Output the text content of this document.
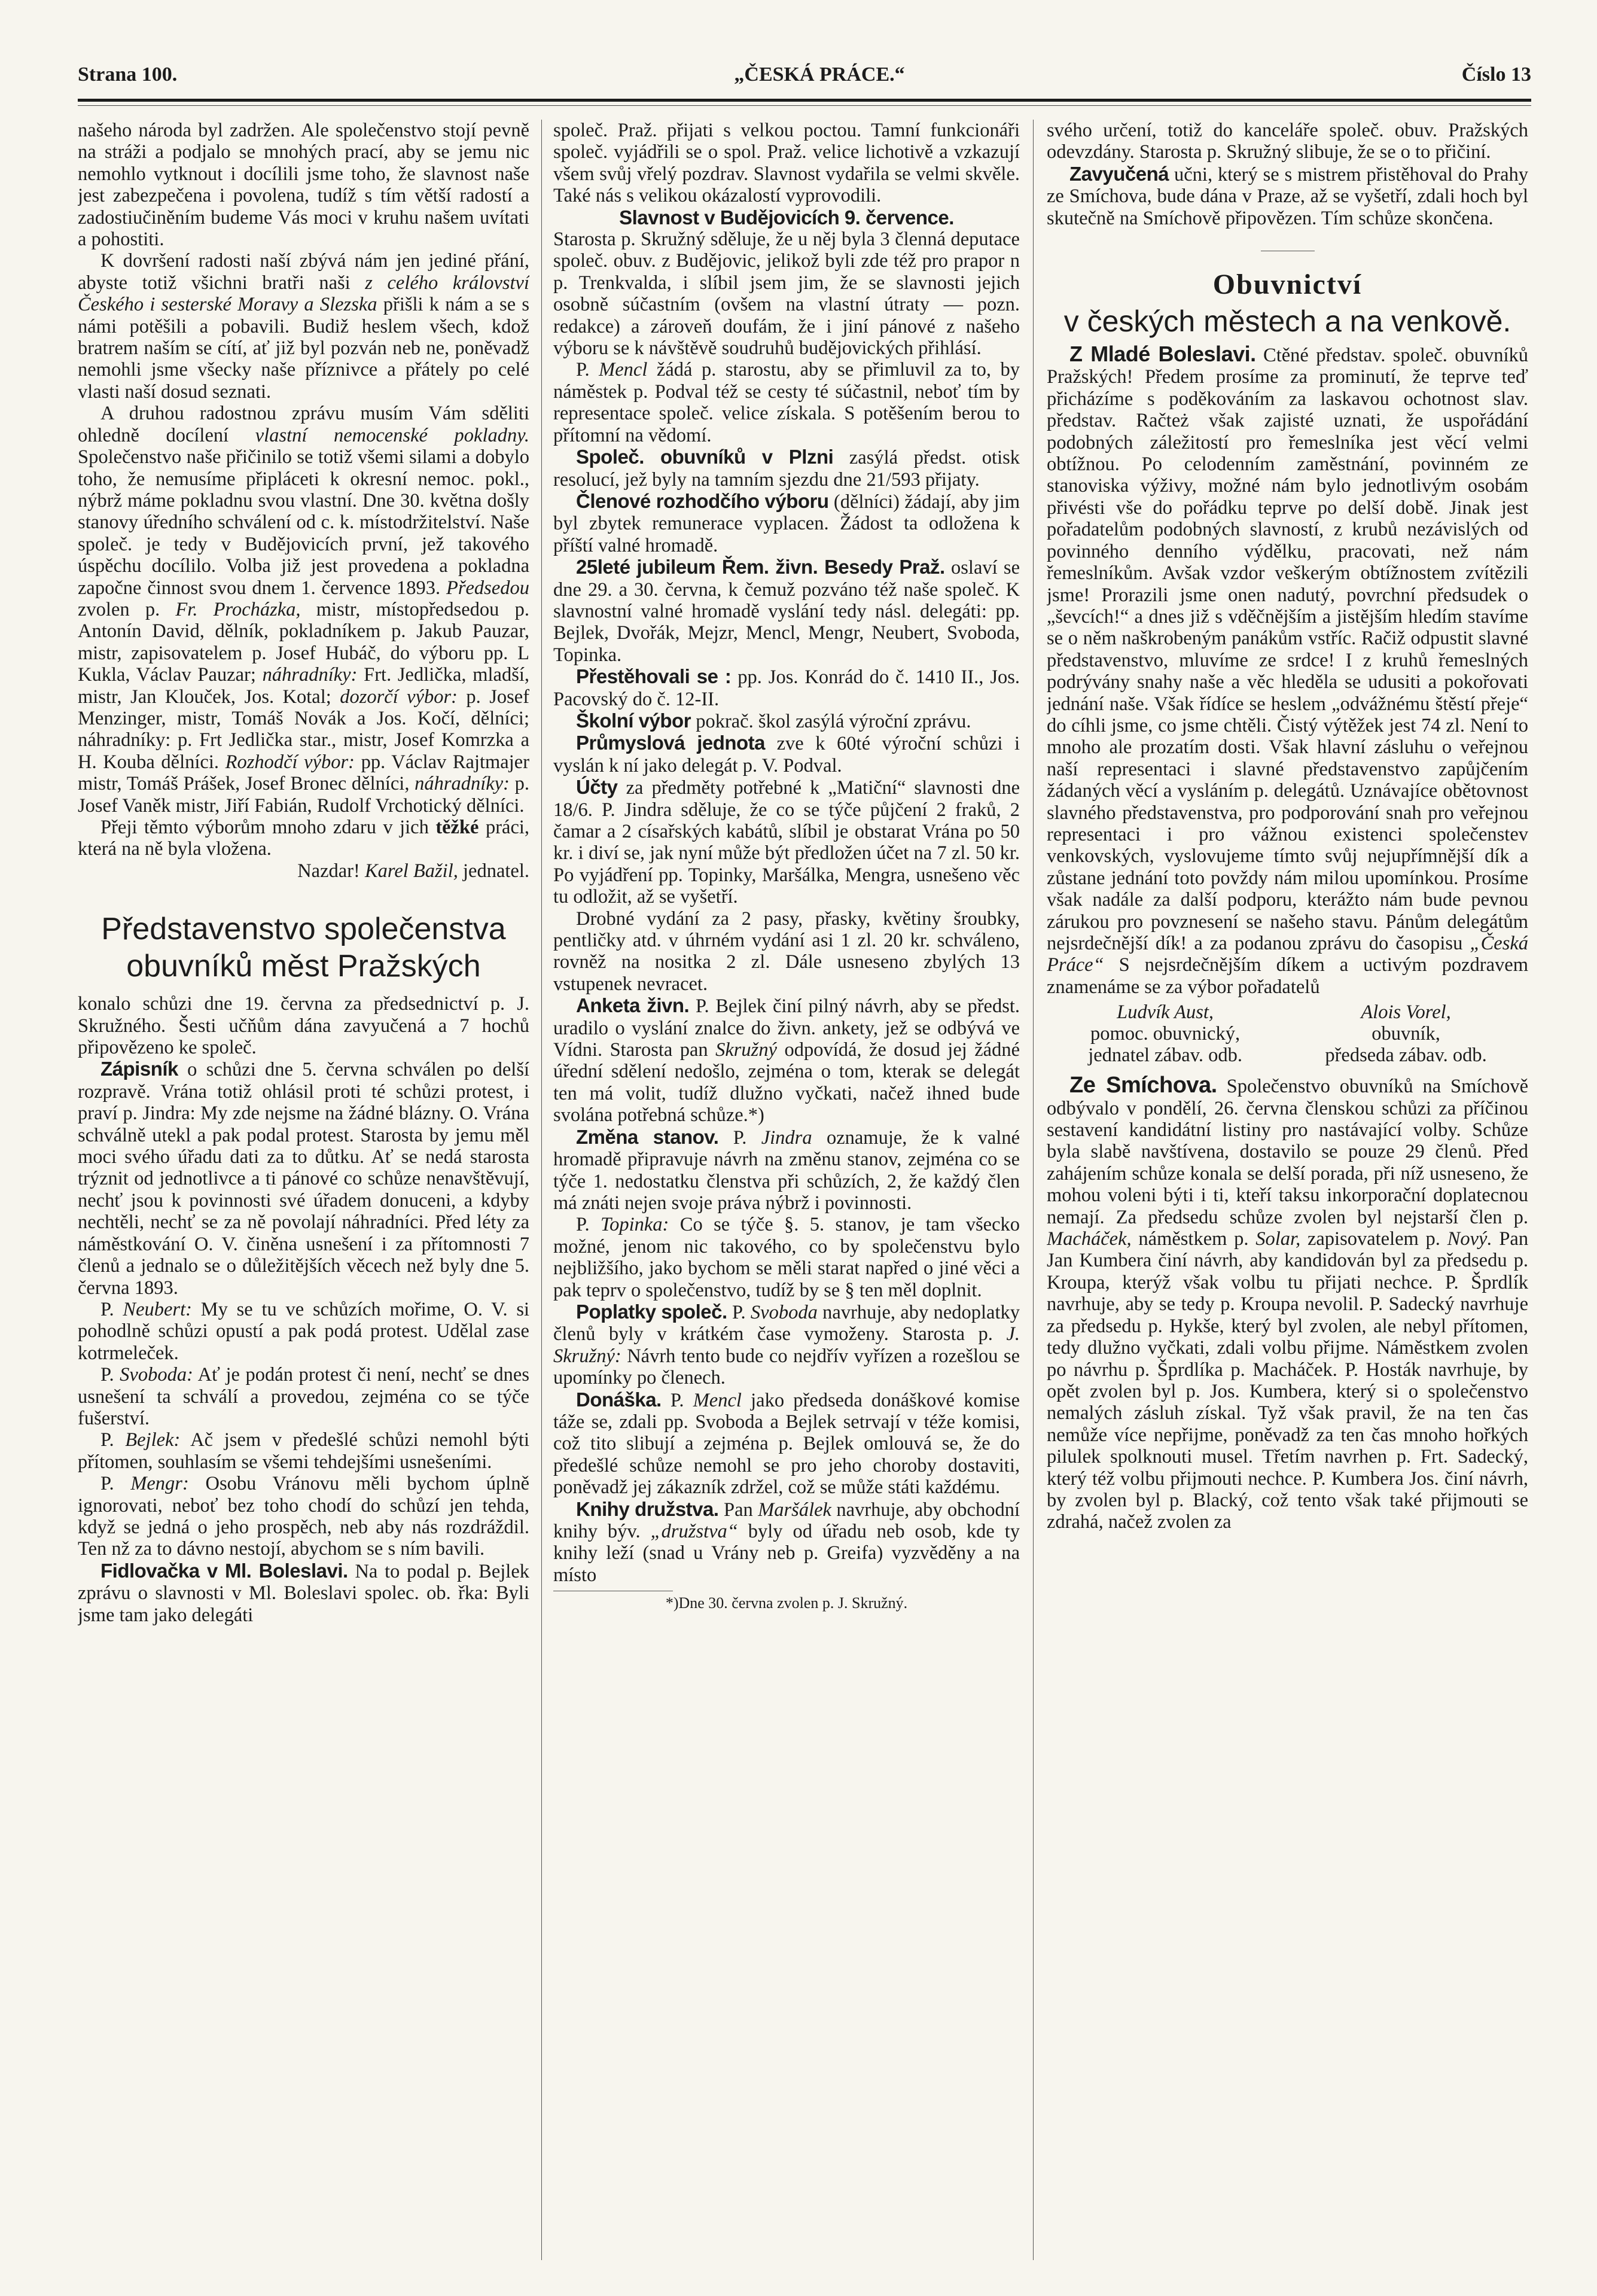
Strana 100.	„ČESKÁ PRÁCE.“	Číslo 13

našeho národa byl zadržen. Ale společenstvo stojí pevně na stráži a podjalo se mnohých prací, aby se jemu nic nemohlo vytknout i docílili jsme toho, že slavnost naše jest zabezpečena i povolena, tudíž s tím větší radostí a zadostiučiněním budeme Vás moci v kruhu našem uvítati a pohostiti.

K dovršení radosti naší zbývá nám jen jediné přání, abyste totiž všichni bratři naši z celého království Českého i sesterské Moravy a Slezska přišli k nám a se s námi potěšili a pobavili. Budiž heslem všech, kdož bratrem naším se cítí, ať již byl pozván neb ne, poněvadž nemohli jsme všecky naše příznivce a přátely po celé vlasti naší dosud seznati.

A druhou radostnou zprávu musím Vám sděliti ohledně docílení vlastní nemocenské pokladny. Společenstvo naše přičinilo se totiž všemi silami a dobylo toho, že nemusíme připláceti k okresní nemoc. pokl., nýbrž máme pokladnu svou vlastní. Dne 30. května došly stanovy úředního schválení od c. k. místodržitelství. Naše společ. je tedy v Budějovicích první, jež takového úspěchu docílilo. Volba již jest provedena a pokladna započne činnost svou dnem 1. července 1893. Předsedou zvolen p. Fr. Procházka, mistr, místopředsedou p. Antonín David, dělník, pokladníkem p. Jakub Pauzar, mistr, zapisovatelem p. Josef Hubáč, do výboru pp. L Kukla, Václav Pauzar; náhradníky: Frt. Jedlička, mladší, mistr, Jan Klouček, Jos. Kotal; dozorčí výbor: p. Josef Menzinger, mistr, Tomáš Novák a Jos. Kočí, dělníci; náhradníky: p. Frt Jedlička star., mistr, Josef Komrzka a H. Kouba dělníci. Rozhodčí výbor: pp. Václav Rajtmajer mistr, Tomáš Prášek, Josef Bronec dělníci, náhradníky: p. Josef Vaněk mistr, Jiří Fabián, Rudolf Vrchotický dělníci.

Přeji těmto výborům mnoho zdaru v jich těžké práci, která na ně byla vložena.

Nazdar! Karel Bažil, jednatel.

Představenstvo společenstva obuvníků měst Pražských

konalo schůzi dne 19. června za předsednictví p. J. Skružného. Šesti učňům dána zavyučená a 7 hochů připovězeno ke společ.

Zápisník o schůzi dne 5. června schválen po delší rozpravě. Vrána totiž ohlásil proti té schůzi protest, i praví p. Jindra: My zde nejsme na žádné blázny. O. Vrána schválně utekl a pak podal protest. Starosta by jemu měl moci svého úřadu dati za to důtku. Ať se nedá starosta trýznit od jednotlivce a ti pánové co schůze nenavštěvují, nechť jsou k povinnosti své úřadem donuceni, a kdyby nechtěli, nechť se za ně povolají náhradníci. Před léty za náměstkování O. V. činěna usnešení i za přítomnosti 7 členů a jednalo se o důležitějších věcech než byly dne 5. června 1893.

P. Neubert: My se tu ve schůzích mořime, O. V. si pohodlně schůzi opustí a pak podá protest. Udělal zase kotrmeleček.

P. Svoboda: Ať je podán protest či není, nechť se dnes usnešení ta schválí a provedou, zejména co se týče fušerství.

P. Bejlek: Ač jsem v předešlé schůzi nemohl býti přítomen, souhlasím se všemi tehdejšími usnešeními.

P. Mengr: Osobu Vránovu měli bychom úplně ignorovati, neboť bez toho chodí do schůzí jen tehda, když se jedná o jeho prospěch, neb aby nás rozdráždil. Ten nž za to dávno nestojí, abychom se s ním bavili.

Fidlovačka v Ml. Boleslavi. Na to podal p. Bejlek zprávu o slavnosti v Ml. Boleslavi spolec. ob. řka: Byli jsme tam jako delegáti

společ. Praž. přijati s velkou poctou. Tamní funkcionáři společ. vyjádřili se o spol. Praž. velice lichotivě a vzkazují všem svůj vřelý pozdrav. Slavnost vydařila se velmi skvěle. Také nás s velikou okázalostí vyprovodili.

Slavnost v Budějovicích 9. července.

Starosta p. Skružný sděluje, že u něj byla 3 členná deputace společ. obuv. z Budějovic, jelikož byli zde též pro prapor n p. Trenkvalda, i slíbil jsem jim, že se slavnosti jejich osobně súčastním (ovšem na vlastní útraty — pozn. redakce) a zároveň doufám, že i jiní pánové z našeho výboru se k návštěvě soudruhů budějovických přihlásí.

P. Mencl žádá p. starostu, aby se přimluvil za to, by náměstek p. Podval též se cesty té súčastnil, neboť tím by representace společ. velice získala. S potěšením berou to přítomní na vědomí.

Společ. obuvníků v Plzni zasýlá předst. otisk resolucí, jež byly na tamním sjezdu dne 21/593 přijaty.

Členové rozhodčího výboru (dělníci) žádají, aby jim byl zbytek remunerace vyplacen. Žádost ta odložena k příští valné hromadě.

25leté jubileum Řem. živn. Besedy Praž. oslaví se dne 29. a 30. června, k čemuž pozváno též naše společ. K slavnostní valné hromadě vyslání tedy násl. delegáti: pp. Bejlek, Dvořák, Mejzr, Mencl, Mengr, Neubert, Svoboda, Topinka.

Přestěhovali se : pp. Jos. Konrád do č. 1410 II., Jos. Pacovský do č. 12-II.

Školní výbor pokrač. škol zasýlá výroční zprávu.

Průmyslová jednota zve k 60té výroční schůzi i vyslán k ní jako delegát p. V. Podval.

Účty za předměty potřebné k „Matiční“ slavnosti dne 18/6. P. Jindra sděluje, že co se týče půjčení 2 fraků, 2 čamar a 2 císařských kabátů, slíbil je obstarat Vrána po 50 kr. i diví se, jak nyní může být předložen účet na 7 zl. 50 kr. Po vyjádření pp. Topinky, Maršálka, Mengra, usnešeno věc tu odložit, až se vyšetří.

Drobné vydání za 2 pasy, přasky, květiny šroubky, pentličky atd. v úhrném vydání asi 1 zl. 20 kr. schváleno, rovněž na nositka 2 zl. Dále usneseno zbylých 13 vstupenek nevracet.

Anketa živn. P. Bejlek činí pilný návrh, aby se předst. uradilo o vyslání znalce do živn. ankety, jež se odbývá ve Vídni. Starosta pan Skružný odpovídá, že dosud jej žádné úřední sdělení nedošlo, zejména o tom, kterak se delegát ten má volit, tudíž dlužno vyčkati, načež ihned bude svolána potřebná schůze.*)

Změna stanov. P. Jindra oznamuje, že k valné hromadě připravuje návrh na změnu stanov, zejména co se týče 1. nedostatku členstva při schůzích, 2, že každý člen má znáti nejen svoje práva nýbrž i povinnosti.

P. Topinka: Co se týče §. 5. stanov, je tam všecko možné, jenom nic takového, co by společenstvu bylo nejbližšího, jako bychom se měli starat napřed o jiné věci a pak teprv o společenstvo, tudíž by se § ten měl doplnit.

Poplatky společ. P. Svoboda navrhuje, aby nedoplatky členů byly v krátkém čase vymoženy. Starosta p. J. Skružný: Návrh tento bude co nejdřív vyřízen a rozešlou se upomínky po členech.

Donáška. P. Mencl jako předseda donáškové komise táže se, zdali pp. Svoboda a Bejlek setrvají v téže komisi, což tito slibují a zejména p. Bejlek omlouvá se, že do předešlé schůze nemohl se pro jeho choroby dostaviti, poněvadž jej zákazník zdržel, což se může státi každému.

Knihy družstva. Pan Maršálek navrhuje, aby obchodní knihy býv. „družstva“ byly od úřadu neb osob, kde ty knihy leží (snad u Vrány neb p. Greifa) vyzvěděny a na místo

*)Dne 30. června zvolen p. J. Skružný.

svého určení, totiž do kanceláře společ. obuv. Pražských odevzdány. Starosta p. Skružný slibuje, že se o to přičiní.

Zavyučená učni, který se s mistrem přistěhoval do Prahy ze Smíchova, bude dána v Praze, až se vyšetří, zdali hoch byl skutečně na Smíchově připovězen. Tím schůze skončena.

Obuvnictví
v českých městech a na venkově.

Z Mladé Boleslavi. Ctěné představ. společ. obuvníků Pražských! Předem prosíme za prominutí, že teprve teď přicházíme s poděkováním za laskavou ochotnost slav. představ. Račteż však zajisté uznati, že uspořádání podobných záležitostí pro řemeslníka jest věcí velmi obtížnou. Po celodenním zaměstnání, povinném ze stanoviska výživy, možné nám bylo jednotlivým osobám přivésti vše do pořádku teprve po delší době. Jinak jest pořadatelům podobných slavností, z krubů nezávislých od povinného denního výdělku, pracovati, než nám řemeslníkům. Avšak vzdor veškerým obtížnostem zvítězili jsme! Prorazili jsme onen nadutý, povrchní předsudek o „ševcích!“ a dnes již s vděčnějším a jistějším hledím stavíme se o něm naškrobeným panákům vstříc. Račiž odpustit slavné představenstvo, mluvíme ze srdce! I z kruhů řemeslných podrývány snahy naše a věc hleděla se udusiti a pokořovati jednání naše. Však řídíce se heslem „odvážnému štěstí přeje“ do cíhli jsme, co jsme chtěli. Čistý výtěžek jest 74 zl. Není to mnoho ale prozatím dosti. Však hlavní zásluhu o veřejnou naší representaci i slavné představenstvo zapůjčením žádaných věcí a vysláním p. delegátů. Uznávajíce obětovnost slavného představenstva, pro podporování snah pro veřejnou representaci i pro vážnou existenci společenstev venkovských, vyslovujeme tímto svůj nejupřímnější dík a zůstane jednání toto povždy nám milou upomínkou. Prosíme však nadále za další podporu, kterážto nám bude pevnou zárukou pro povznesení se našeho stavu. Pánům delegátům nejsrdečnější dík! a za podanou zprávu do časopisu „Česká Práce“ S nejsrdečnějším díkem a uctivým pozdravem znamenáme se za výbor pořadatelů

Ludvík Aust,
pomoc. obuvnický,
jednatel zábav. odb.
Alois Vorel,
obuvník,
předseda zábav. odb.

Ze Smíchova. Společenstvo obuvníků na Smíchově odbývalo v pondělí, 26. června členskou schůzi za příčinou sestavení kandidátní listiny pro nastávající volby. Schůze byla slabě navštívena, dostavilo se pouze 29 členů. Před zahájením schůze konala se delší porada, při níž usneseno, že mohou voleni býti i ti, kteří taksu inkorporační doplatecnou nemají. Za předsedu schůze zvolen byl nejstarší člen p. Macháček, náměstkem p. Solar, zapisovatelem p. Nový. Pan Jan Kumbera činí návrh, aby kandidován byl za předsedu p. Kroupa, kterýž však volbu tu přijati nechce. P. Šprdlík navrhuje, aby se tedy p. Kroupa nevolil. P. Sadecký navrhuje za předsedu p. Hykše, který byl zvolen, ale nebyl přítomen, tedy dlužno vyčkati, zdali volbu přijme. Náměstkem zvolen po návrhu p. Šprdlíka p. Macháček. P. Hosták navrhuje, by opět zvolen byl p. Jos. Kumbera, který si o společenstvo nemalých zásluh získal. Tyž však pravil, že na ten čas nemůže více nepřijme, poněvadž za ten čas mnoho hořkých pilulek spolknouti musel. Třetím navrhen p. Frt. Sadecký, který též volbu přijmouti nechce. P. Kumbera Jos. činí návrh, by zvolen byl p. Blacký, což tento však také přijmouti se zdrahá, načež zvolen za
